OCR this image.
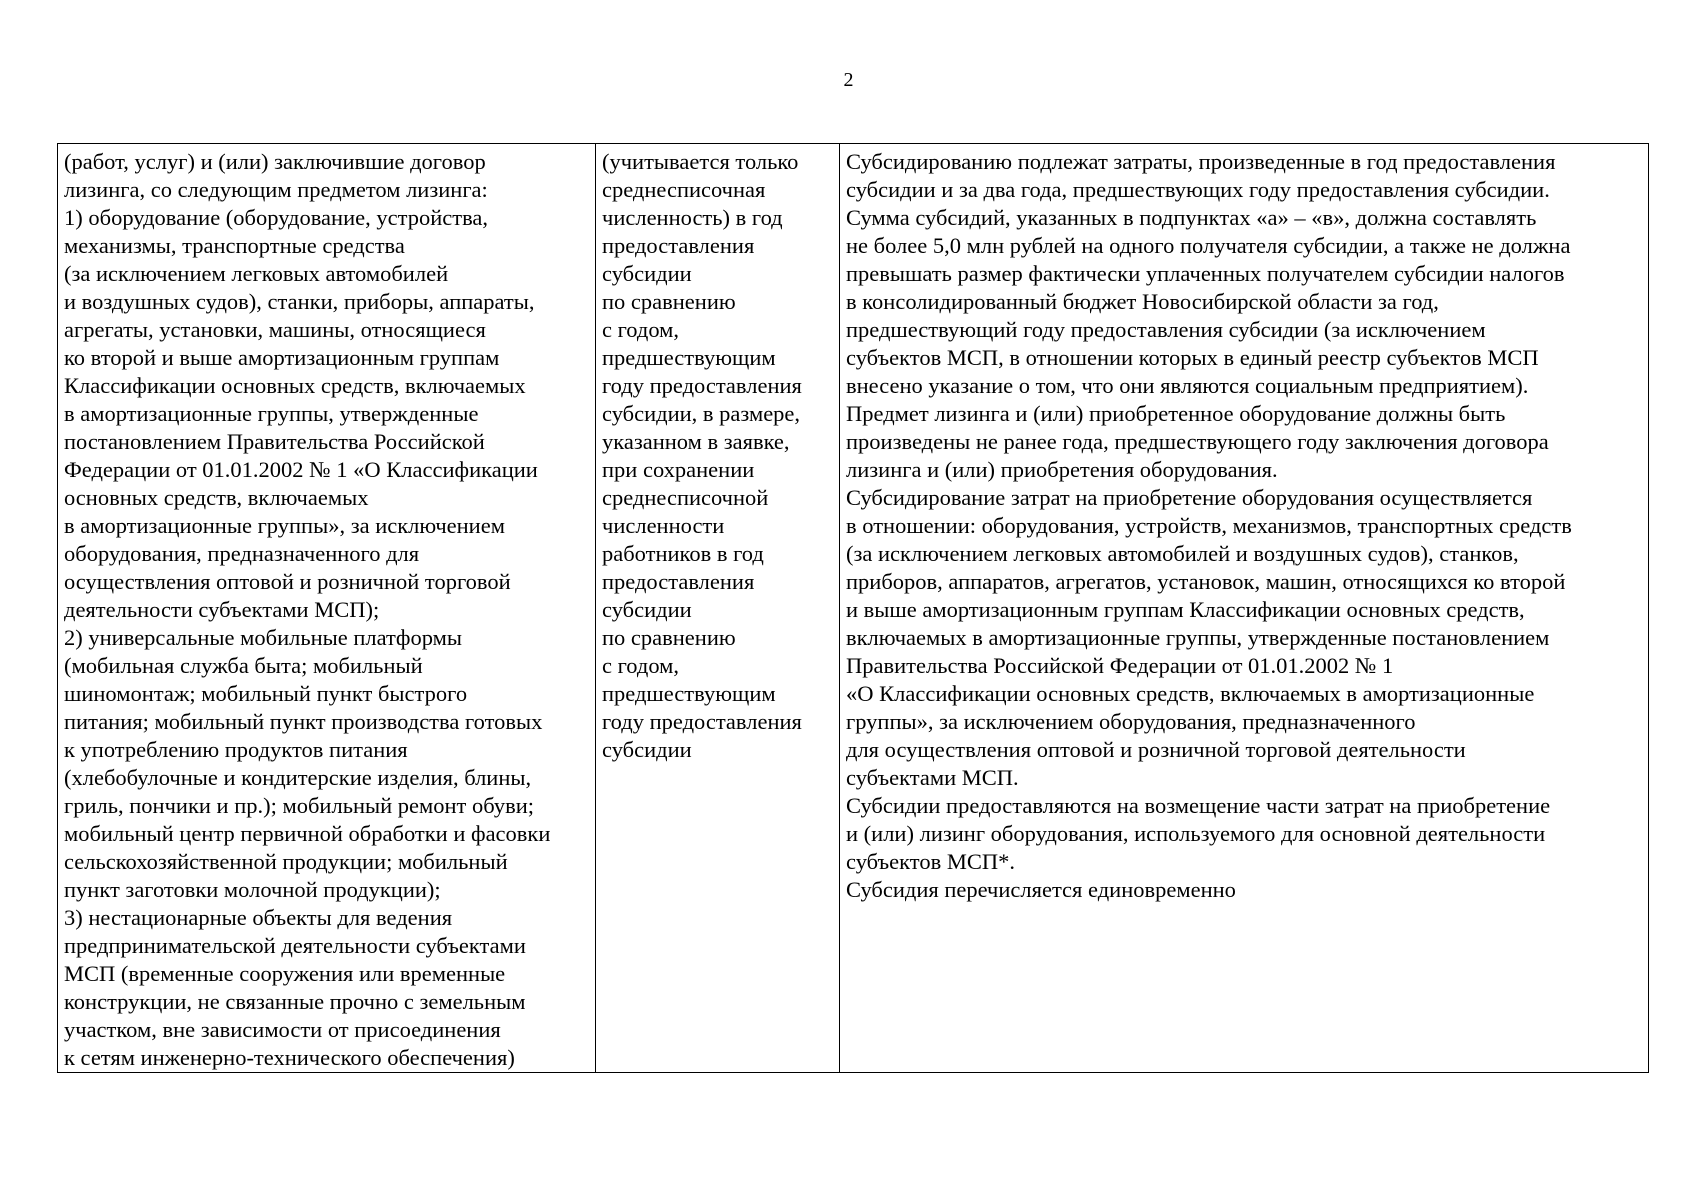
2
(работ, услуг) и (или) заключившие договор
лизинга, со следующим предметом лизинга:
1) оборудование (оборудование, устройства,
механизмы, транспортные средства
(за исключением легковых автомобилей
и воздушных судов), станки, приборы, аппараты,
агрегаты, установки, машины, относящиеся
ко второй и выше амортизационным группам
Классификации основных средств, включаемых
в амортизационные группы, утвержденные
постановлением Правительства Российской
Федерации от 01.01.2002 № 1 «О Классификации
основных средств, включаемых
в амортизационные группы», за исключением
оборудования, предназначенного для
осуществления оптовой и розничной торговой
деятельности субъектами МСП);
2) универсальные мобильные платформы
(мобильная служба быта; мобильный
шиномонтаж; мобильный пункт быстрого
питания; мобильный пункт производства готовых
к употреблению продуктов питания
(хлебобулочные и кондитерские изделия, блины,
гриль, пончики и пр.); мобильный ремонт обуви;
мобильный центр первичной обработки и фасовки
сельскохозяйственной продукции; мобильный
пункт заготовки молочной продукции);
3) нестационарные объекты для ведения
предпринимательской деятельности субъектами
МСП (временные сооружения или временные
конструкции, не связанные прочно с земельным
участком, вне зависимости от присоединения
к сетям инженерно-технического обеспечения)	(учитывается только
среднесписочная
численность) в год
предоставления
субсидии
по сравнению
с годом,
предшествующим
году предоставления
субсидии, в размере,
указанном в заявке,
при сохранении
среднесписочной
численности
работников в год
предоставления
субсидии
по сравнению
с годом,
предшествующим
году предоставления
субсидии	Субсидированию подлежат затраты, произведенные в год предоставления
субсидии и за два года, предшествующих году предоставления субсидии.
Сумма субсидий, указанных в подпунктах «а» – «в», должна составлять
не более 5,0 млн рублей на одного получателя субсидии, а также не должна
превышать размер фактически уплаченных получателем субсидии налогов
в консолидированный бюджет Новосибирской области за год,
предшествующий году предоставления субсидии (за исключением
субъектов МСП, в отношении которых в единый реестр субъектов МСП
внесено указание о том, что они являются социальным предприятием).
Предмет лизинга и (или) приобретенное оборудование должны быть
произведены не ранее года, предшествующего году заключения договора
лизинга и (или) приобретения оборудования.
Субсидирование затрат на приобретение оборудования осуществляется
в отношении: оборудования, устройств, механизмов, транспортных средств
(за исключением легковых автомобилей и воздушных судов), станков,
приборов, аппаратов, агрегатов, установок, машин, относящихся ко второй
и выше амортизационным группам Классификации основных средств,
включаемых в амортизационные группы, утвержденные постановлением
Правительства Российской Федерации от 01.01.2002 № 1
«О Классификации основных средств, включаемых в амортизационные
группы», за исключением оборудования, предназначенного
для осуществления оптовой и розничной торговой деятельности
субъектами МСП.
Субсидии предоставляются на возмещение части затрат на приобретение
и (или) лизинг оборудования, используемого для основной деятельности
субъектов МСП*.
Субсидия перечисляется единовременно
